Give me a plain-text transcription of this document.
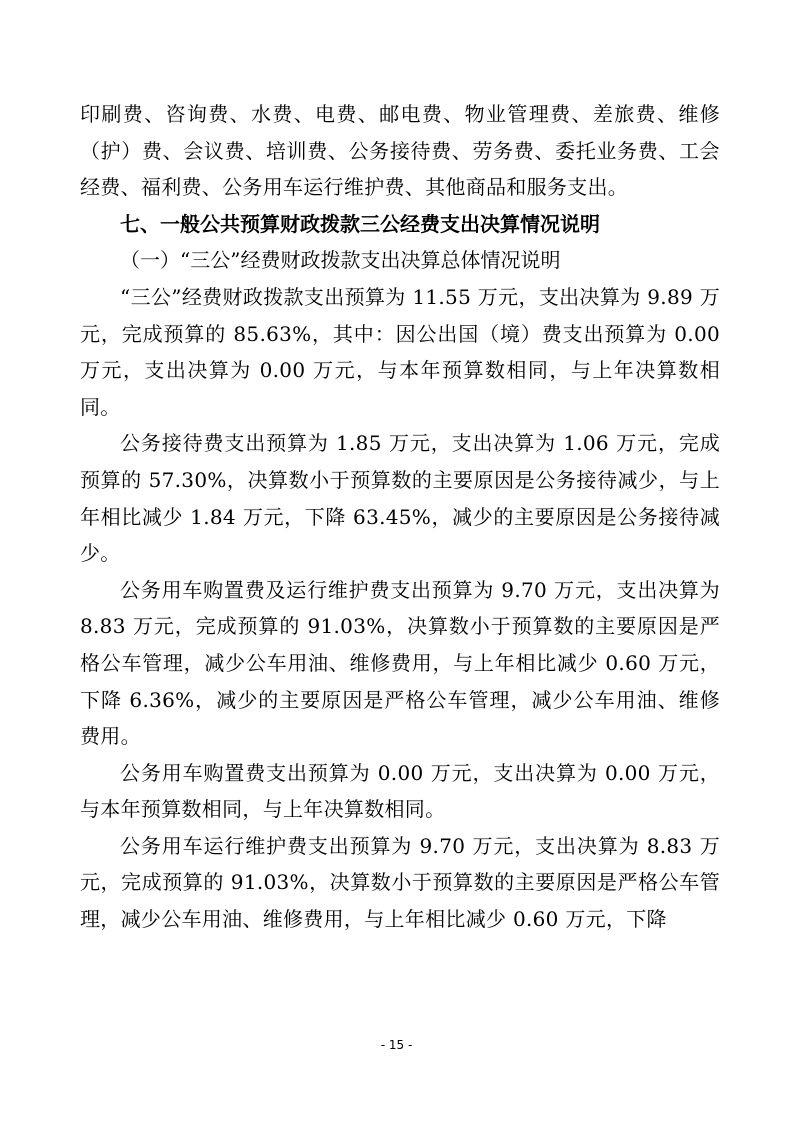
印刷费、咨询费、水费、电费、邮电费、物业管理费、差旅费、维修（护）费、会议费、培训费、公务接待费、劳务费、委托业务费、工会经费、福利费、公务用车运行维护费、其他商品和服务支出。

七、一般公共预算财政拨款三公经费支出决算情况说明

（一）“三公”经费财政拨款支出决算总体情况说明

“三公”经费财政拨款支出预算为 11.55 万元，支出决算为 9.89 万元，完成预算的 85.63%，其中：因公出国（境）费支出预算为 0.00 万元，支出决算为 0.00 万元，与本年预算数相同，与上年决算数相同。

公务接待费支出预算为 1.85 万元，支出决算为 1.06 万元，完成预算的 57.30%，决算数小于预算数的主要原因是公务接待减少，与上年相比减少 1.84 万元，下降 63.45%，减少的主要原因是公务接待减少。

公务用车购置费及运行维护费支出预算为 9.70 万元，支出决算为 8.83 万元，完成预算的 91.03%，决算数小于预算数的主要原因是严格公车管理，减少公车用油、维修费用，与上年相比减少 0.60 万元，下降 6.36%，减少的主要原因是严格公车管理，减少公车用油、维修费用。

公务用车购置费支出预算为 0.00 万元，支出决算为 0.00 万元，与本年预算数相同，与上年决算数相同。

公务用车运行维护费支出预算为 9.70 万元，支出决算为 8.83 万元，完成预算的 91.03%，决算数小于预算数的主要原因是严格公车管理，减少公车用油、维修费用，与上年相比减少 0.60 万元，下降

- 15 -
